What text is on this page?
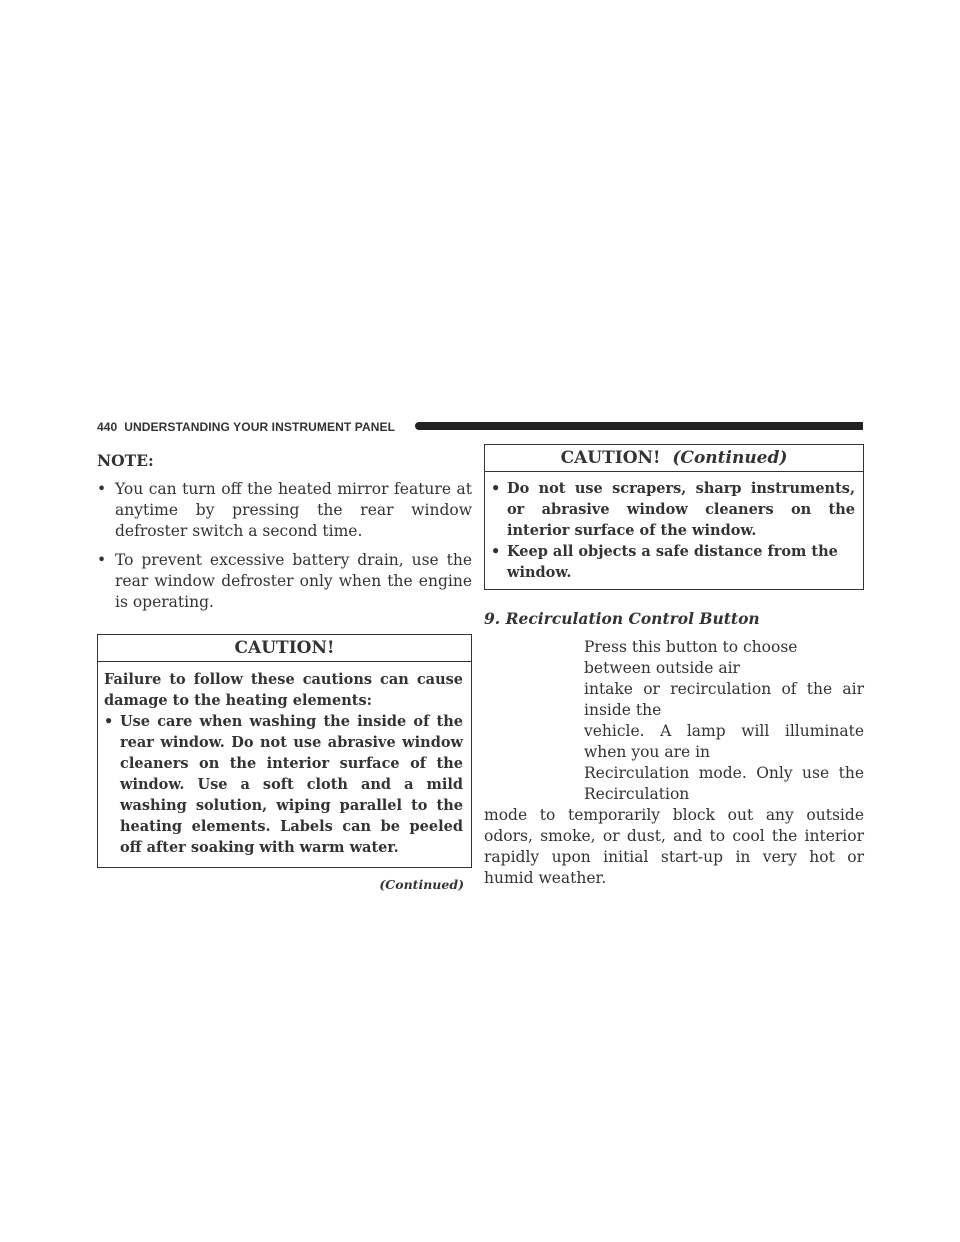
440 UNDERSTANDING YOUR INSTRUMENT PANEL
NOTE:
• You can turn off the heated mirror feature at anytime by pressing the rear window defroster switch a second time.
• To prevent excessive battery drain, use the rear window defroster only when the engine is operating.
CAUTION!

Failure to follow these cautions can cause damage to the heating elements:

• Use care when washing the inside of the rear window. Do not use abrasive window cleaners on the interior surface of the window. Use a soft cloth and a mild washing solution, wiping parallel to the heating elements. Labels can be peeled off after soaking with warm water.
(Continued)
CAUTION! (Continued)
• Do not use scrapers, sharp instruments, or abrasive window cleaners on the interior surface of the window.
• Keep all objects a safe distance from the window.
9. Recirculation Control Button
Press this button to choose between outside air
intake or recirculation of the air inside the
vehicle. A lamp will illuminate when you are in
Recirculation mode. Only use the Recirculation
mode to temporarily block out any outside odors, smoke, or dust, and to cool the interior rapidly upon initial start-up in very hot or humid weather.
